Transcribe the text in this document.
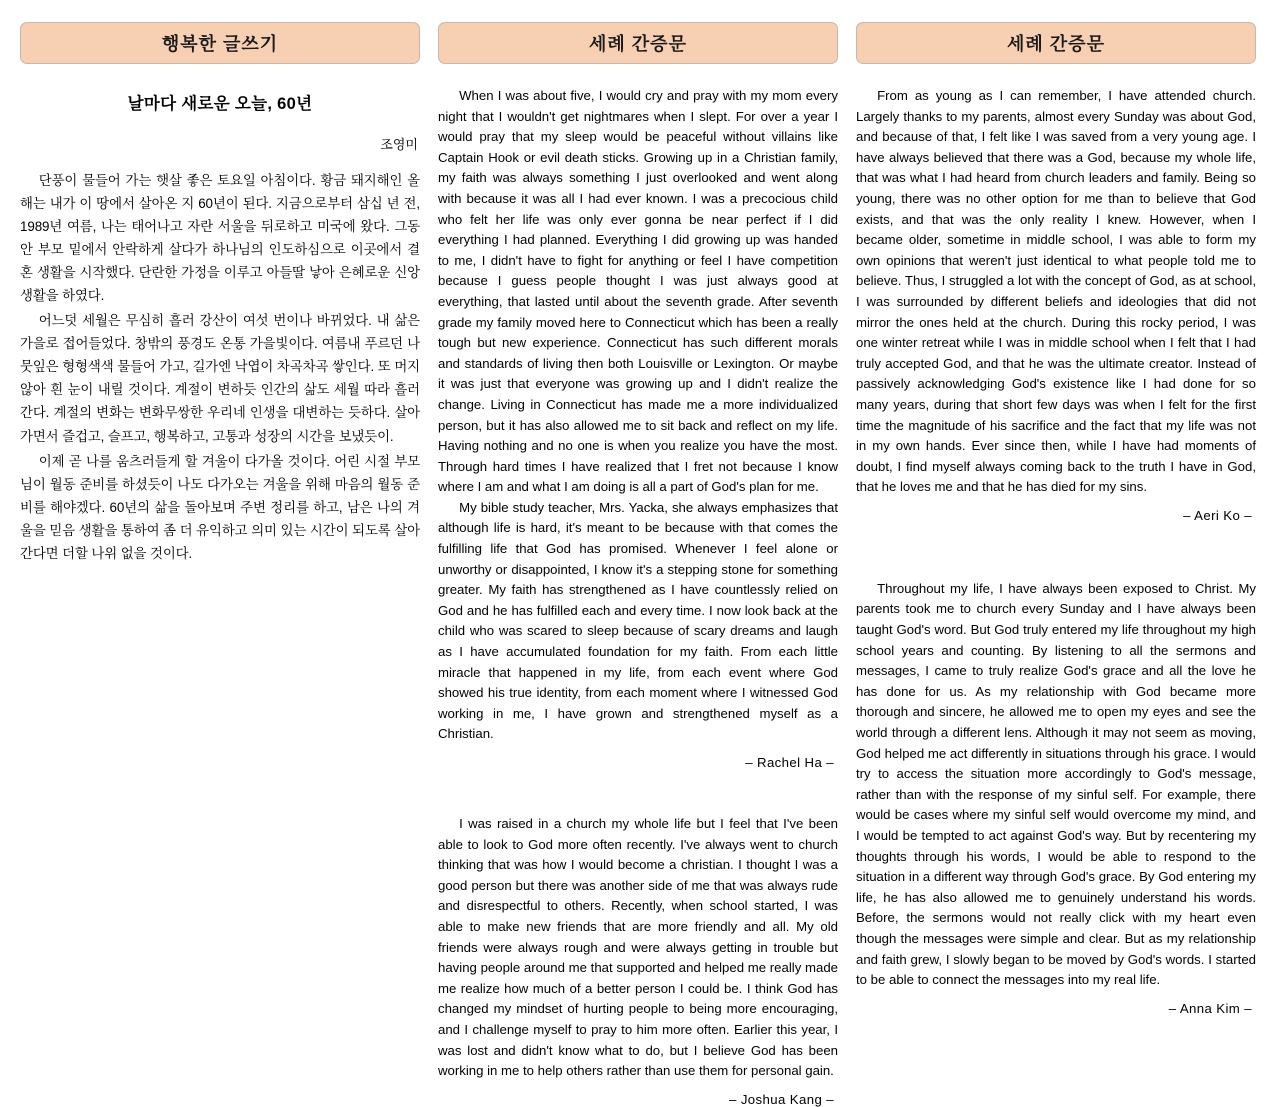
행복한 글쓰기
날마다 새로운 오늘, 60년
조영미

단풍이 물들어 가는 햇살 좋은 토요일 아침이다. 황금 돼지해인 올해는 내가 이 땅에서 살아온 지 60년이 된다. 지금으로부터 삼십 년 전, 1989년 여름, 나는 태어나고 자란 서울을 뒤로하고 미국에 왔다. 그동안 부모 밑에서 안락하게 살다가 하나님의 인도하심으로 이곳에서 결혼 생활을 시작했다. 단란한 가정을 이루고 아들딸 낳아 은혜로운 신앙생활을 하였다.

어느덧 세월은 무심히 흘러 강산이 여섯 번이나 바뀌었다. 내 삶은 가을로 접어들었다. 창밖의 풍경도 온통 가을빛이다. 여름내 푸르던 나뭇잎은 형형색색 물들어 가고, 길가엔 낙엽이 차곡차곡 쌓인다. 또 머지않아 흰 눈이 내릴 것이다. 계절이 변하듯 인간의 삶도 세월 따라 흘러간다. 계절의 변화는 변화무쌍한 우리네 인생을 대변하는 듯하다. 살아가면서 즐겁고, 슬프고, 행복하고, 고통과 성장의 시간을 보냈듯이.

이제 곧 나를 움츠러들게 할 겨울이 다가올 것이다. 어린 시절 부모님이 월동 준비를 하셨듯이 나도 다가오는 겨울을 위해 마음의 월동 준비를 해야겠다. 60년의 삶을 돌아보며 주변 정리를 하고, 남은 나의 겨울을 믿음 생활을 통하여 좀 더 유익하고 의미 있는 시간이 되도록 살아간다면 더할 나위 없을 것이다.

세례 간증문

When I was about five, I would cry and pray with my mom every night that I wouldn't get nightmares when I slept. For over a year I would pray that my sleep would be peaceful without villains like Captain Hook or evil death sticks. Growing up in a Christian family, my faith was always something I just overlooked and went along with because it was all I had ever known. I was a precocious child who felt her life was only ever gonna be near perfect if I did everything I had planned. Everything I did growing up was handed to me, I didn't have to fight for anything or feel I have competition because I guess people thought I was just always good at everything, that lasted until about the seventh grade. After seventh grade my family moved here to Connecticut which has been a really tough but new experience. Connecticut has such different morals and standards of living then both Louisville or Lexington. Or maybe it was just that everyone was growing up and I didn't realize the change. Living in Connecticut has made me a more individualized person, but it has also allowed me to sit back and reflect on my life. Having nothing and no one is when you realize you have the most. Through hard times I have realized that I fret not because I know where I am and what I am doing is all a part of God's plan for me.

My bible study teacher, Mrs. Yacka, she always emphasizes that although life is hard, it's meant to be because with that comes the fulfilling life that God has promised. Whenever I feel alone or unworthy or disappointed, I know it's a stepping stone for something greater. My faith has strengthened as I have countlessly relied on God and he has fulfilled each and every time. I now look back at the child who was scared to sleep because of scary dreams and laugh as I have accumulated foundation for my faith. From each little miracle that happened in my life, from each event where God showed his true identity, from each moment where I witnessed God working in me, I have grown and strengthened myself as a Christian.

– Rachel Ha –

I was raised in a church my whole life but I feel that I've been able to look to God more often recently. I've always went to church thinking that was how I would become a christian. I thought I was a good person but there was another side of me that was always rude and disrespectful to others. Recently, when school started, I was able to make new friends that are more friendly and all. My old friends were always rough and were always getting in trouble but having people around me that supported and helped me really made me realize how much of a better person I could be. I think God has changed my mindset of hurting people to being more encouraging, and I challenge myself to pray to him more often. Earlier this year, I was lost and didn't know what to do, but I believe God has been working in me to help others rather than use them for personal gain.

– Joshua Kang –
세례 간증문

From as young as I can remember, I have attended church. Largely thanks to my parents, almost every Sunday was about God, and because of that, I felt like I was saved from a very young age. I have always believed that there was a God, because my whole life, that was what I had heard from church leaders and family. Being so young, there was no other option for me than to believe that God exists, and that was the only reality I knew. However, when I became older, sometime in middle school, I was able to form my own opinions that weren't just identical to what people told me to believe. Thus, I struggled a lot with the concept of God, as at school, I was surrounded by different beliefs and ideologies that did not mirror the ones held at the church. During this rocky period, I was one winter retreat while I was in middle school when I felt that I had truly accepted God, and that he was the ultimate creator. Instead of passively acknowledging God's existence like I had done for so many years, during that short few days was when I felt for the first time the magnitude of his sacrifice and the fact that my life was not in my own hands. Ever since then, while I have had moments of doubt, I find myself always coming back to the truth I have in God, that he loves me and that he has died for my sins.

– Aeri Ko –

Throughout my life, I have always been exposed to Christ. My parents took me to church every Sunday and I have always been taught God's word. But God truly entered my life throughout my high school years and counting. By listening to all the sermons and messages, I came to truly realize God's grace and all the love he has done for us. As my relationship with God became more thorough and sincere, he allowed me to open my eyes and see the world through a different lens. Although it may not seem as moving, God helped me act differently in situations through his grace. I would try to access the situation more accordingly to God's message, rather than with the response of my sinful self. For example, there would be cases where my sinful self would overcome my mind, and I would be tempted to act against God's way. But by recentering my thoughts through his words, I would be able to respond to the situation in a different way through God's grace. By God entering my life, he has also allowed me to genuinely understand his words. Before, the sermons would not really click with my heart even though the messages were simple and clear. But as my relationship and faith grew, I slowly began to be moved by God's words. I started to be able to connect the messages into my real life.

– Anna Kim –
